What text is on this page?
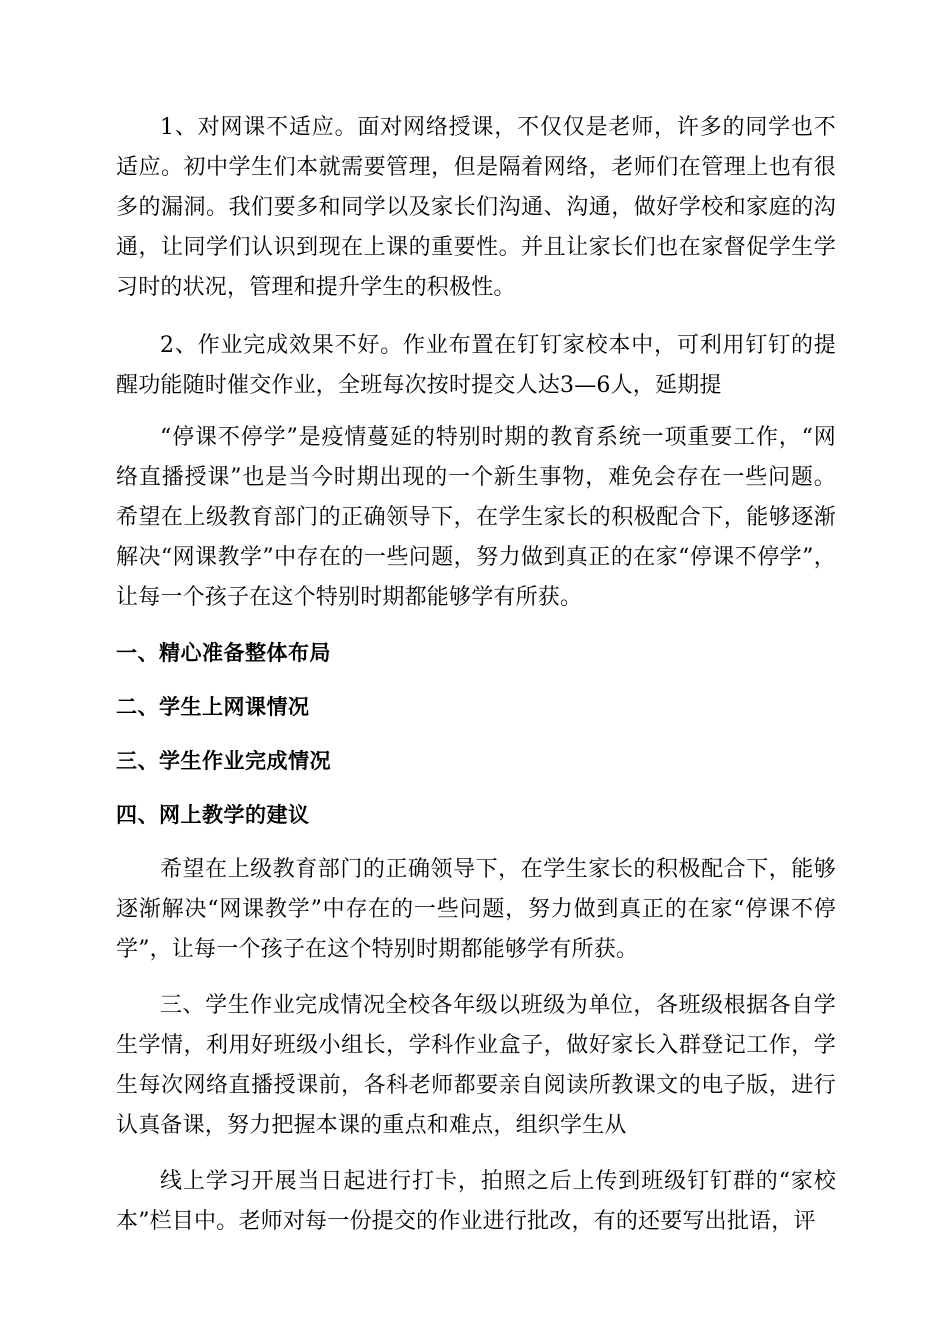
1、对网课不适应。面对网络授课，不仅仅是老师，许多的同学也不适应。初中学生们本就需要管理，但是隔着网络，老师们在管理上也有很多的漏洞。我们要多和同学以及家长们沟通、沟通，做好学校和家庭的沟通，让同学们认识到现在上课的重要性。并且让家长们也在家督促学生学习时的状况，管理和提升学生的积极性。

2、作业完成效果不好。作业布置在钉钉家校本中，可利用钉钉的提醒功能随时催交作业，全班每次按时提交人达3—6人，延期提

“停课不停学”是疫情蔓延的特别时期的教育系统一项重要工作，“网络直播授课”也是当今时期出现的一个新生事物，难免会存在一些问题。希望在上级教育部门的正确领导下，在学生家长的积极配合下，能够逐渐解决“网课教学”中存在的一些问题，努力做到真正的在家“停课不停学”，让每一个孩子在这个特别时期都能够学有所获。

一、精心准备整体布局
二、学生上网课情况
三、学生作业完成情况
四、网上教学的建议

希望在上级教育部门的正确领导下，在学生家长的积极配合下，能够逐渐解决“网课教学”中存在的一些问题，努力做到真正的在家“停课不停学”，让每一个孩子在这个特别时期都能够学有所获。

三、学生作业完成情况全校各年级以班级为单位，各班级根据各自学生学情，利用好班级小组长，学科作业盒子，做好家长入群登记工作，学生每次网络直播授课前，各科老师都要亲自阅读所教课文的电子版，进行认真备课，努力把握本课的重点和难点，组织学生从

线上学习开展当日起进行打卡，拍照之后上传到班级钉钉群的“家校本”栏目中。老师对每一份提交的作业进行批改，有的还要写出批语，评
